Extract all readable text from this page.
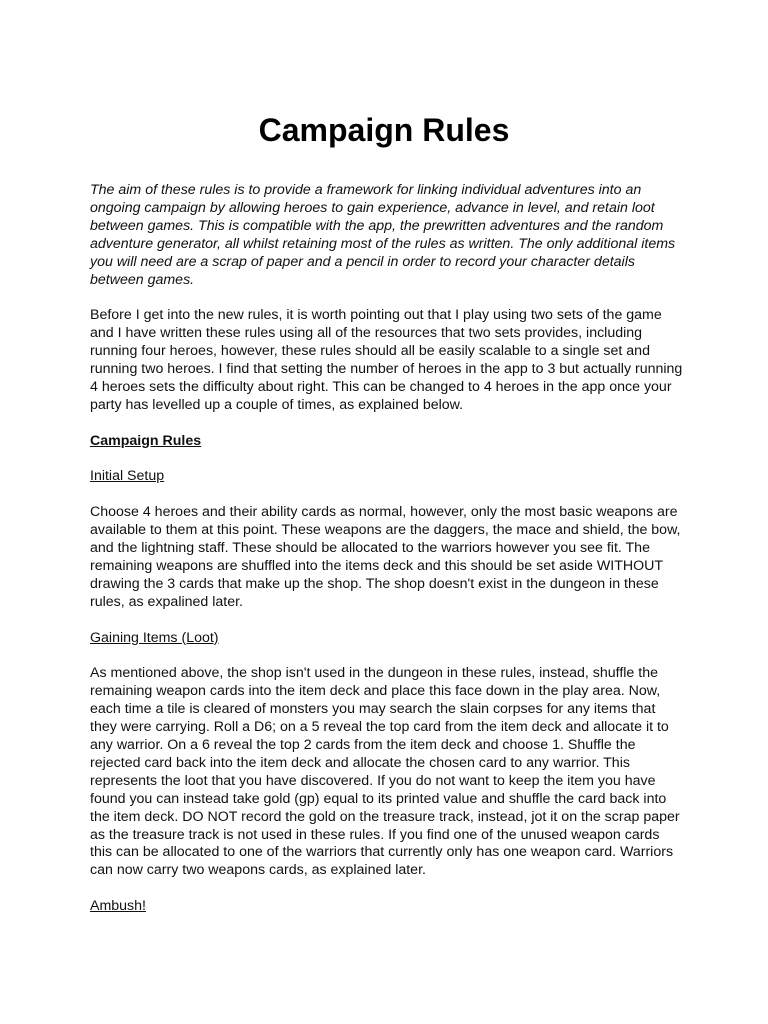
Campaign Rules

The aim of these rules is to provide a framework for linking individual adventures into an ongoing campaign by allowing heroes to gain experience, advance in level, and retain loot between games. This is compatible with the app, the prewritten adventures and the random adventure generator, all whilst retaining most of the rules as written. The only additional items you will need are a scrap of paper and a pencil in order to record your character details between games.

Before I get into the new rules, it is worth pointing out that I play using two sets of the game and I have written these rules using all of the resources that two sets provides, including running four heroes, however, these rules should all be easily scalable to a single set and running two heroes. I find that setting the number of heroes in the app to 3 but actually running 4 heroes sets the difficulty about right. This can be changed to 4 heroes in the app once your party has levelled up a couple of times, as explained below.

Campaign Rules

Initial Setup

Choose 4 heroes and their ability cards as normal, however, only the most basic weapons are available to them at this point. These weapons are the daggers, the mace and shield, the bow, and the lightning staff. These should be allocated to the warriors however you see fit. The remaining weapons are shuffled into the items deck and this should be set aside WITHOUT drawing the 3 cards that make up the shop. The shop doesn't exist in the dungeon in these rules, as expalined later.

Gaining Items (Loot)

As mentioned above, the shop isn't used in the dungeon in these rules, instead, shuffle the remaining weapon cards into the item deck and place this face down in the play area. Now, each time a tile is cleared of monsters you may search the slain corpses for any items that they were carrying. Roll a D6; on a 5 reveal the top card from the item deck and allocate it to any warrior. On a 6 reveal the top 2 cards from the item deck and choose 1. Shuffle the rejected card back into the item deck and allocate the chosen card to any warrior. This represents the loot that you have discovered. If you do not want to keep the item you have found you can instead take gold (gp) equal to its printed value and shuffle the card back into the item deck. DO NOT record the gold on the treasure track, instead, jot it on the scrap paper as the treasure track is not used in these rules. If you find one of the unused weapon cards this can be allocated to one of the warriors that currently only has one weapon card. Warriors can now carry two weapons cards, as explained later.

Ambush!
